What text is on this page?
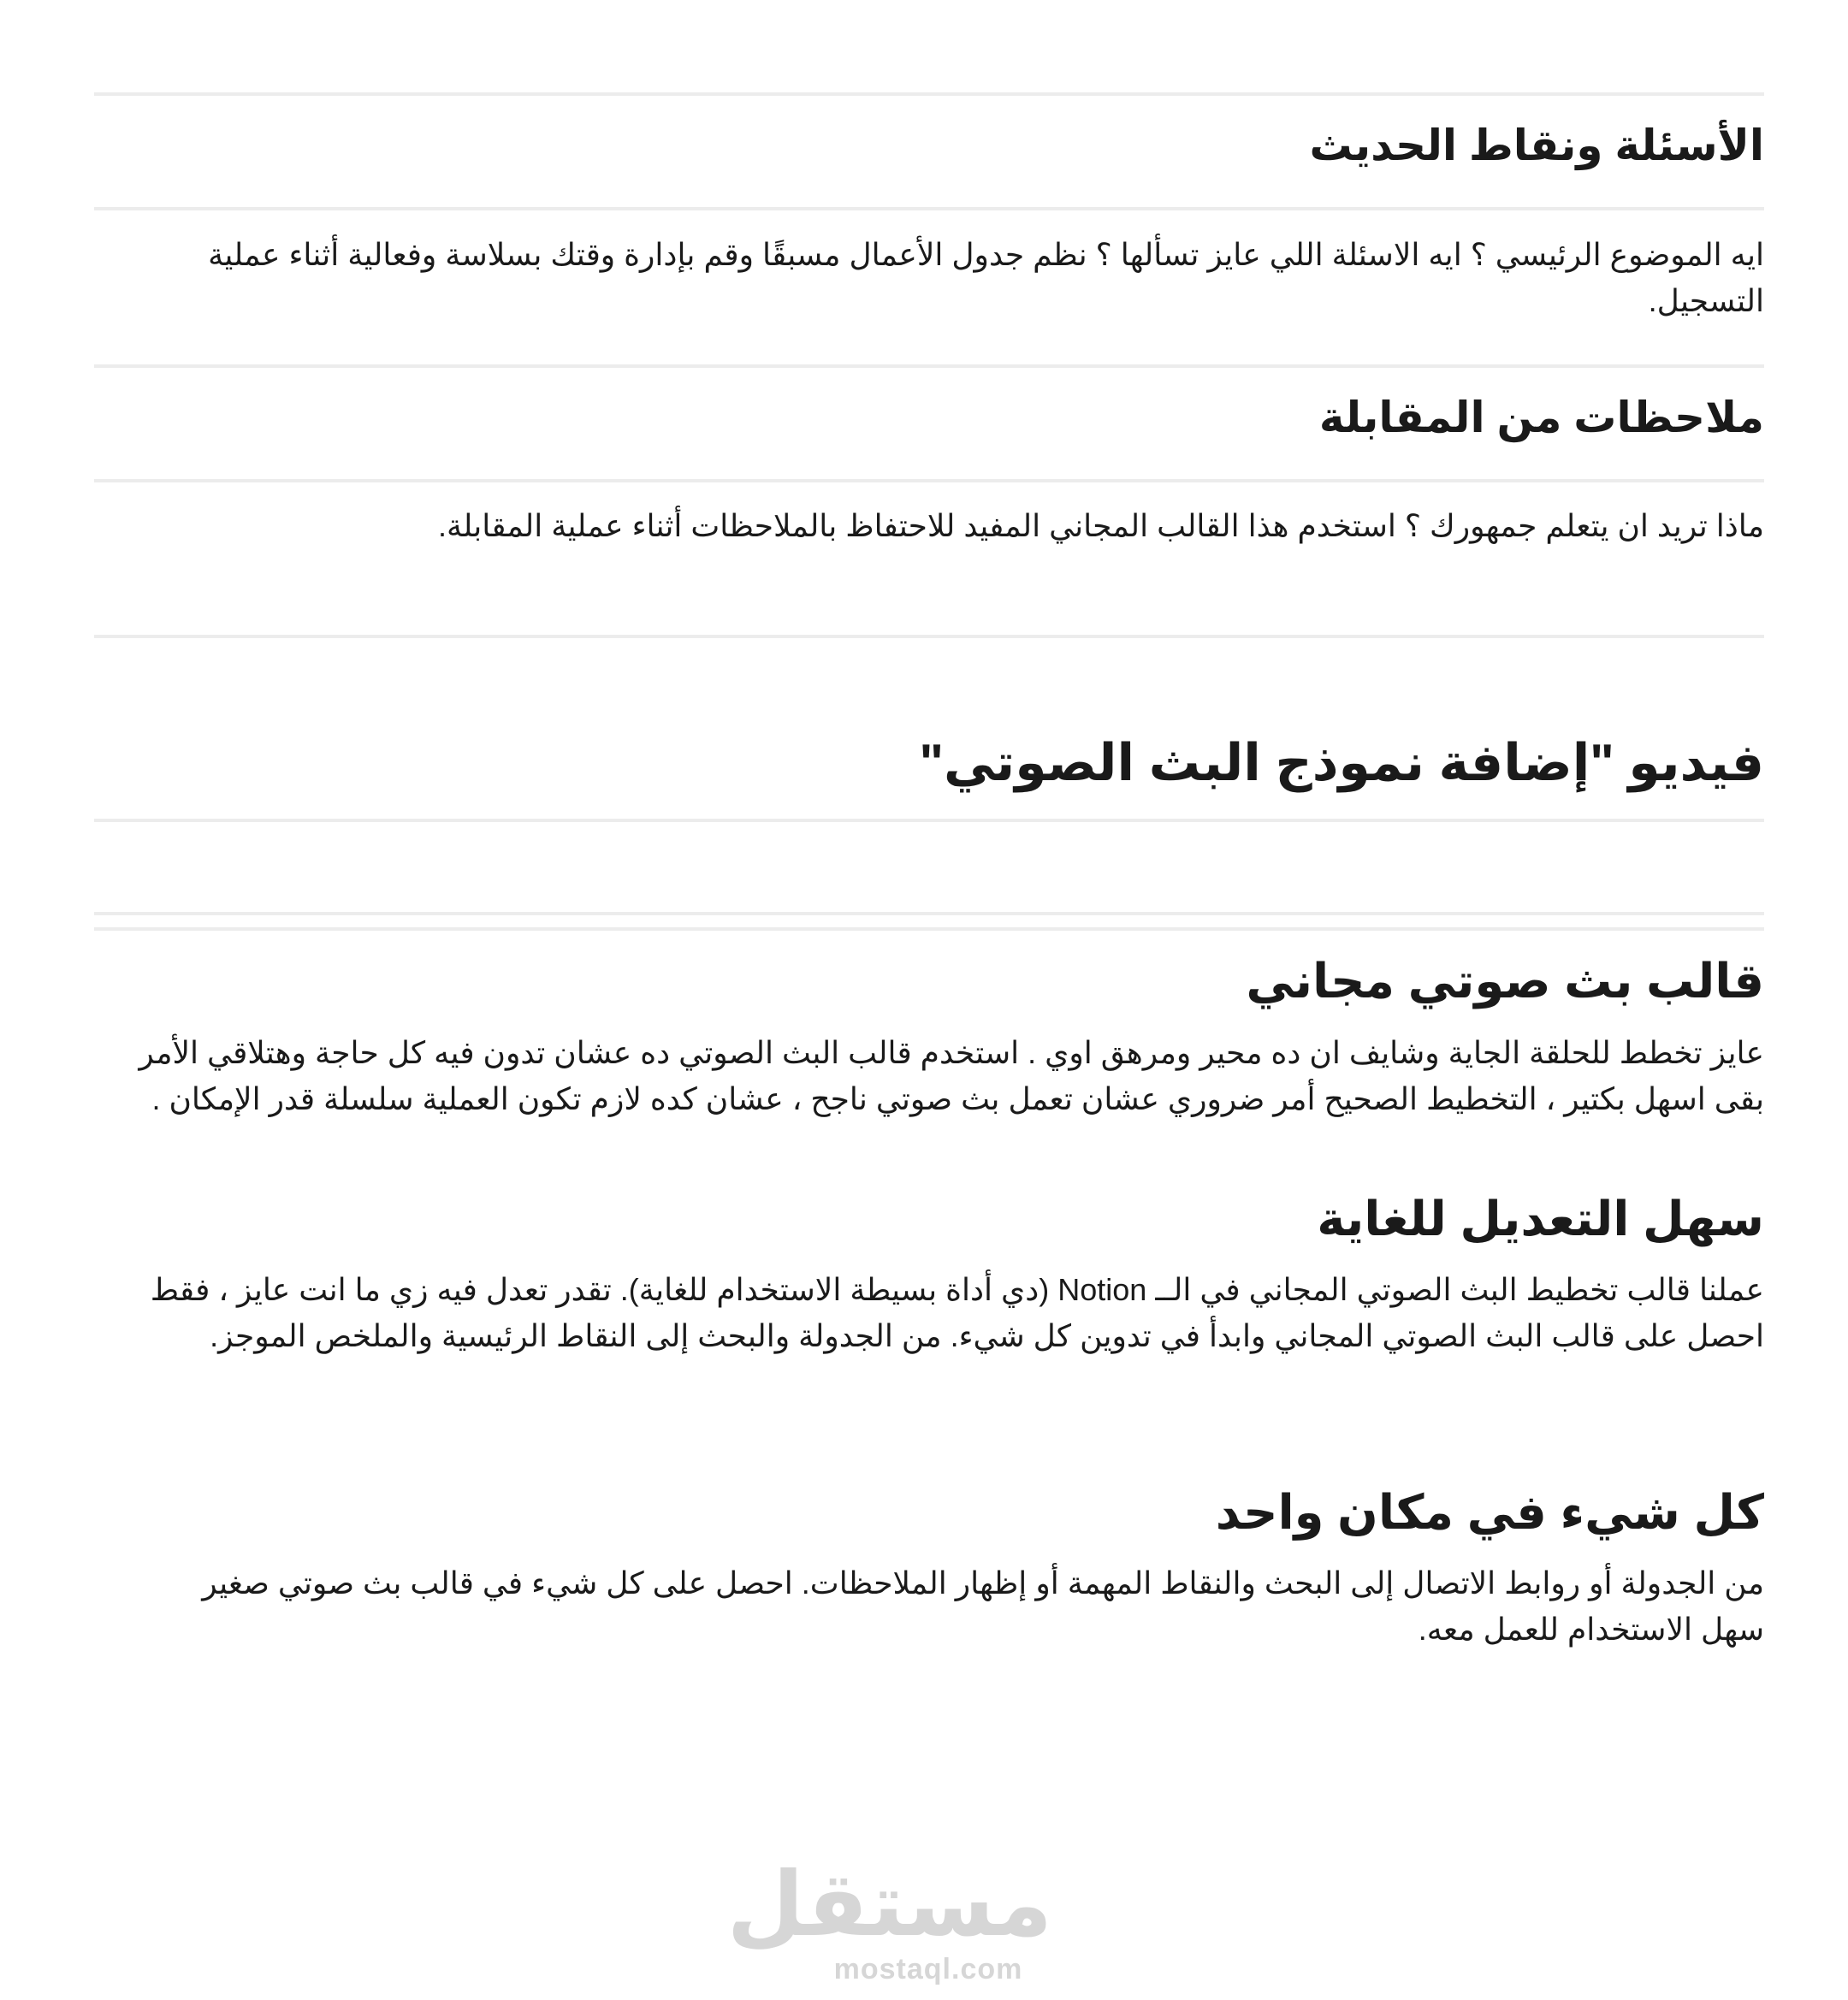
الأسئلة ونقاط الحديث

ايه الموضوع الرئيسي ؟ ايه الاسئلة اللي عايز تسألها ؟ نظم جدول الأعمال مسبقًا وقم بإدارة وقتك بسلاسة وفعالية أثناء عملية
التسجيل.

ملاحظات من المقابلة

ماذا تريد ان يتعلم جمهورك ؟ استخدم هذا القالب المجاني المفيد للاحتفاظ بالملاحظات أثناء عملية المقابلة.

فيديو "إضافة نموذج البث الصوتي"
قالب بث صوتي مجاني

عايز تخطط للحلقة الجاية وشايف ان ده محير ومرهق اوي . استخدم قالب البث الصوتي ده عشان تدون فيه كل حاجة وهتلاقي الأمر
بقى اسهل بكتير ، التخطيط الصحيح أمر ضروري عشان تعمل بث صوتي ناجح ، عشان كده لازم تكون العملية سلسلة قدر الإمكان .

سهل التعديل للغاية

عملنا قالب تخطيط البث الصوتي المجاني في الــ Notion (دي أداة بسيطة الاستخدام للغاية). تقدر تعدل فيه زي ما انت عايز ، فقط
احصل على قالب البث الصوتي المجاني وابدأ في تدوين كل شيء. من الجدولة والبحث إلى النقاط الرئيسية والملخص الموجز.

كل شيء في مكان واحد

من الجدولة أو روابط الاتصال إلى البحث والنقاط المهمة أو إظهار الملاحظات. احصل على كل شيء في قالب بث صوتي صغير
سهل الاستخدام للعمل معه.

مستقل
mostaql.com
